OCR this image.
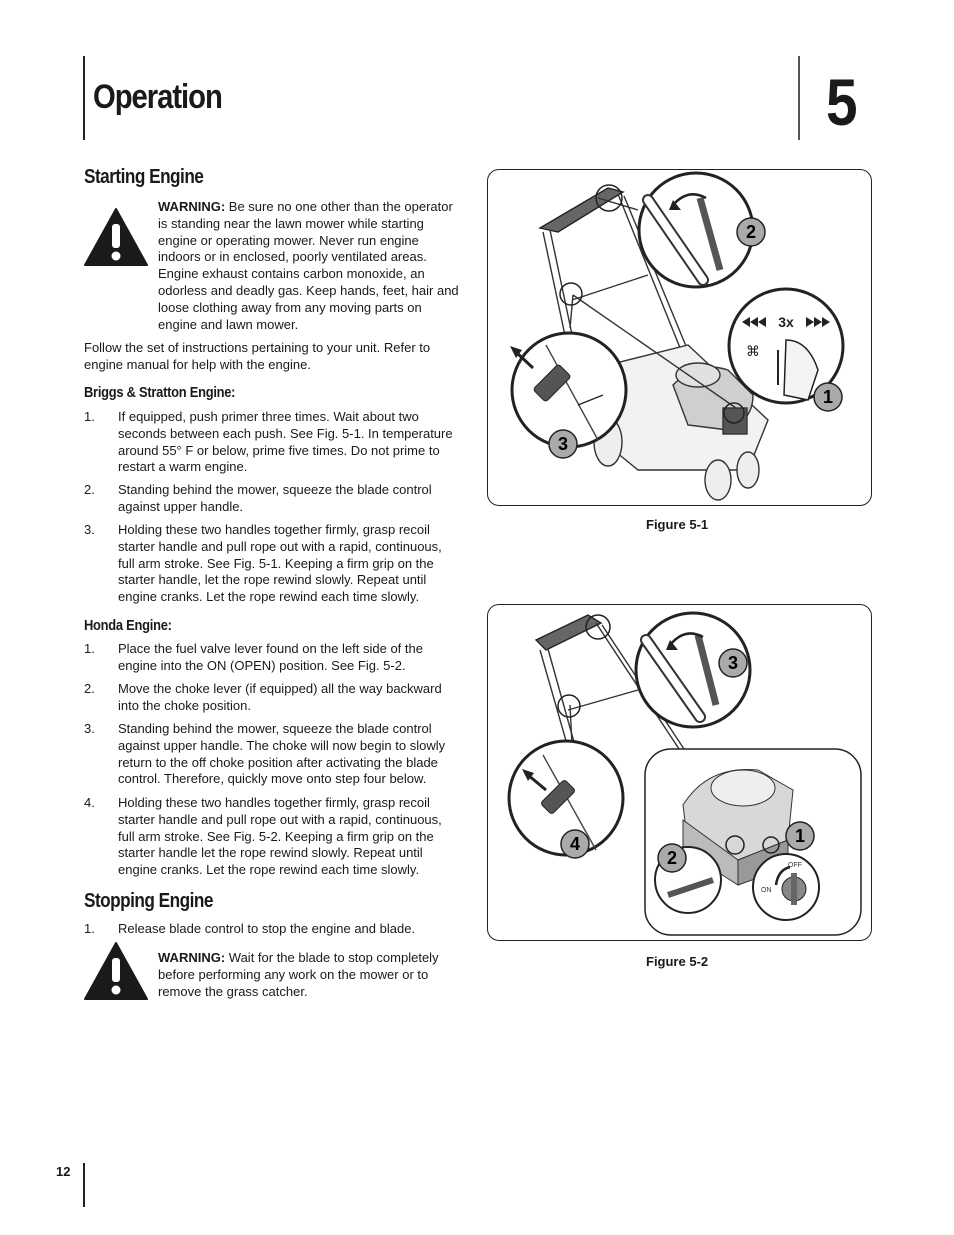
Operation	5
Starting Engine
WARNING: Be sure no one other than the operator
is standing near the lawn mower while starting
engine or operating mower. Never run engine
indoors or in enclosed, poorly ventilated areas.
Engine exhaust contains carbon monoxide, an
odorless and deadly gas. Keep hands, feet, hair and
loose clothing away from any moving parts on
engine and lawn mower.
Follow the set of instructions pertaining to your unit. Refer to
engine manual for help with the engine.
Briggs & Stratton Engine:
1. If equipped, push primer three times. Wait about two
seconds between each push. See Fig. 5-1. In temperature
around 55° F or below, prime five times. Do not prime to
restart a warm engine.
2. Standing behind the mower, squeeze the blade control
against upper handle.
3. Holding these two handles together firmly, grasp recoil
starter handle and pull rope out with a rapid, continuous,
full arm stroke. See Fig. 5-1. Keeping a firm grip on the
starter handle, let the rope rewind slowly. Repeat until
engine cranks. Let the rope rewind each time slowly.
Honda Engine:
1. Place the fuel valve lever found on the left side of the
engine into the ON (OPEN) position. See Fig. 5-2.
2. Move the choke lever (if equipped) all the way backward
into the choke position.
3. Standing behind the mower, squeeze the blade control
against upper handle. The choke will now begin to slowly
return to the off choke position after activating the blade
control. Therefore, quickly move onto step four below.
4. Holding these two handles together firmly, grasp recoil
starter handle and pull rope out with a rapid, continuous,
full arm stroke. See Fig. 5-2. Keeping a firm grip on the
starter handle let the rope rewind slowly. Repeat until
engine cranks. Let the rope rewind each time slowly.
Stopping Engine
1. Release blade control to stop the engine and blade.
WARNING: Wait for the blade to stop completely
before performing any work on the mower or to
remove the grass catcher.
3x
⌘
2
1
3
Figure 5-1
OFF
ON
3
4	1
2
Figure 5-2
12
